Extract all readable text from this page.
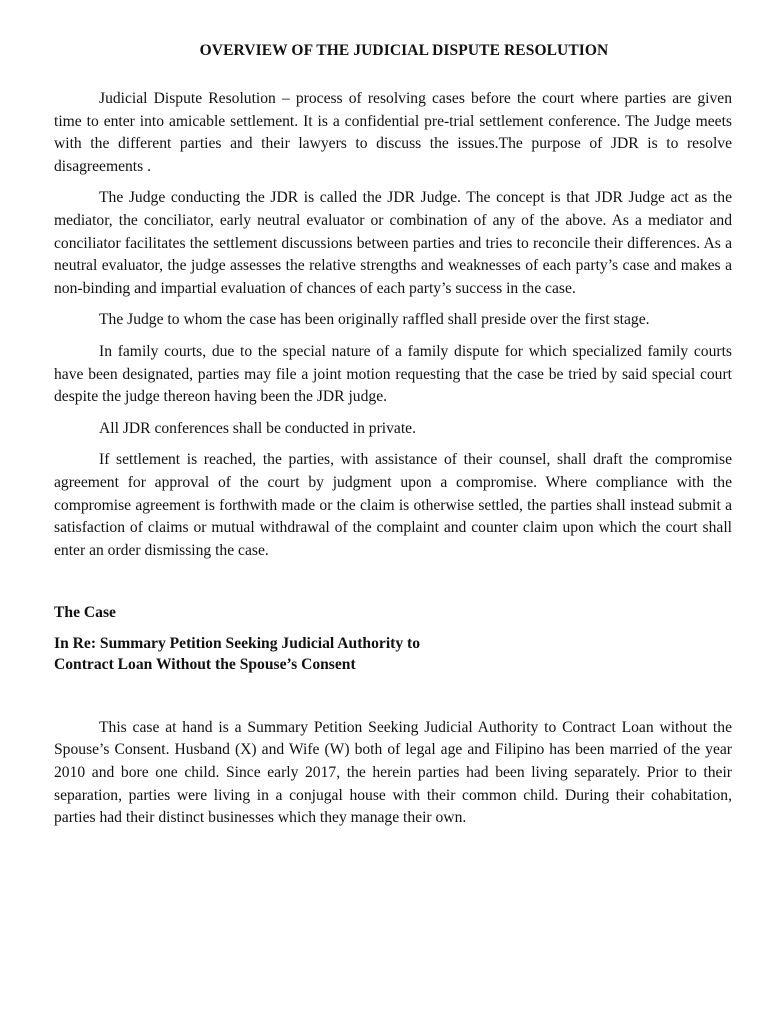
OVERVIEW OF THE JUDICIAL DISPUTE RESOLUTION

Judicial Dispute Resolution – process of resolving cases before the court where parties are given time to enter into amicable settlement. It is a confidential pre-trial settlement conference. The Judge meets with the different parties and their lawyers to discuss the issues.The purpose of JDR is to resolve disagreements .

The Judge conducting the JDR is called the JDR Judge. The concept is that JDR Judge act as the mediator, the conciliator, early neutral evaluator or combination of any of the above. As a mediator and conciliator facilitates the settlement discussions between parties and tries to reconcile their differences. As a neutral evaluator, the judge assesses the relative strengths and weaknesses of each party’s case and makes a non-binding and impartial evaluation of chances of each party’s success in the case.

The Judge to whom the case has been originally raffled shall preside over the first stage.

In family courts, due to the special nature of a family dispute for which specialized family courts have been designated, parties may file a joint motion requesting that the case be tried by said special court despite the judge thereon having been the JDR judge.

All JDR conferences shall be conducted in private.

If settlement is reached, the parties, with assistance of their counsel, shall draft the compromise agreement for approval of the court by judgment upon a compromise. Where compliance with the compromise agreement is forthwith made or the claim is otherwise settled, the parties shall instead submit a satisfaction of claims or mutual withdrawal of the complaint and counter claim upon which the court shall enter an order dismissing the case.

The Case
In Re: Summary Petition Seeking Judicial Authority to Contract Loan Without the Spouse’s Consent

This case at hand is a Summary Petition Seeking Judicial Authority to Contract Loan without the Spouse’s Consent. Husband (X) and Wife (W) both of legal age and Filipino has been married of the year 2010 and bore one child. Since early 2017, the herein parties had been living separately. Prior to their separation, parties were living in a conjugal house with their common child. During their cohabitation, parties had their distinct businesses which they manage their own.
